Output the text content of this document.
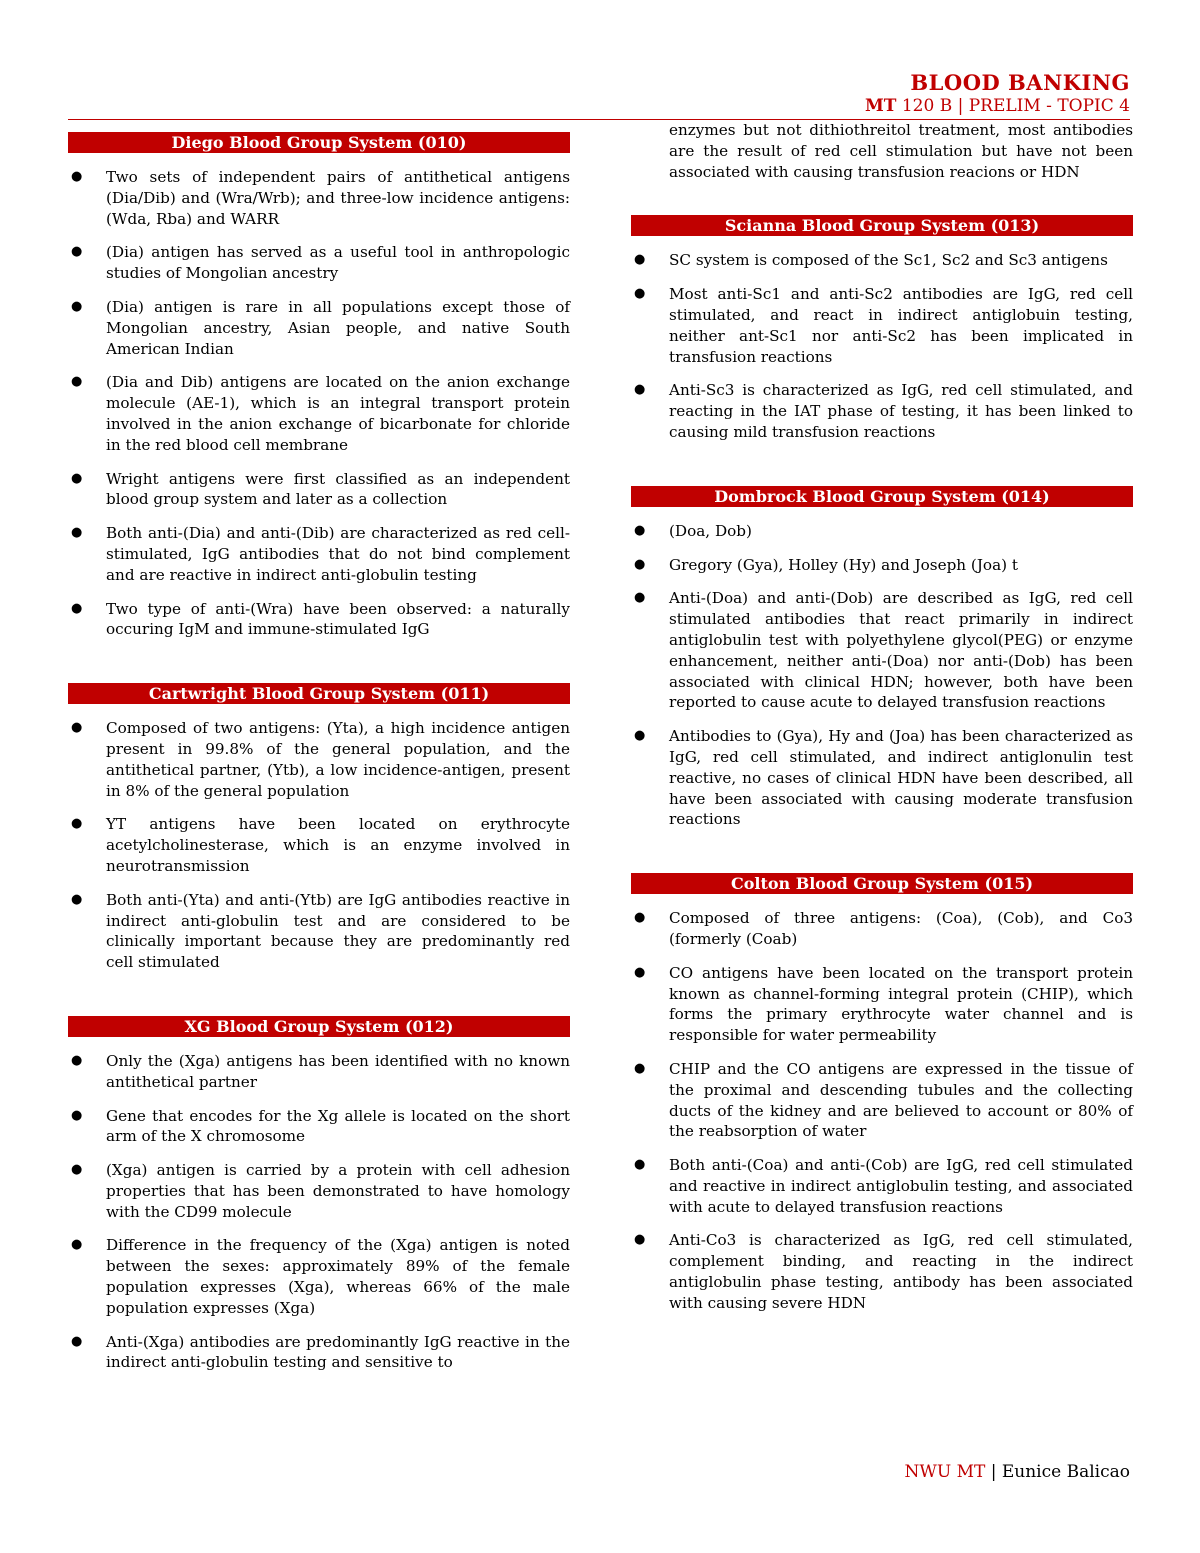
BLOOD BANKING
MT 120 B | PRELIM - TOPIC 4
Diego Blood Group System (010)
● Two sets of independent pairs of antithetical antigens (Dia/Dib) and (Wra/Wrb); and three-low incidence antigens: (Wda, Rba) and WARR
● (Dia) antigen has served as a useful tool in anthropologic studies of Mongolian ancestry
● (Dia) antigen is rare in all populations except those of Mongolian ancestry, Asian people, and native South American Indian
● (Dia and Dib) antigens are located on the anion exchange molecule (AE-1), which is an integral transport protein involved in the anion exchange of bicarbonate for chloride in the red blood cell membrane
● Wright antigens were first classified as an independent blood group system and later as a collection
● Both anti-(Dia) and anti-(Dib) are characterized as red cell-stimulated, IgG antibodies that do not bind complement and are reactive in indirect anti-globulin testing
● Two type of anti-(Wra) have been observed: a naturally occuring IgM and immune-stimulated IgG
Cartwright Blood Group System (011)
● Composed of two antigens: (Yta), a high incidence antigen present in 99.8% of the general population, and the antithetical partner, (Ytb), a low incidence-antigen, present in 8% of the general population
● YT antigens have been located on erythrocyte acetylcholinesterase, which is an enzyme involved in neurotransmission
● Both anti-(Yta) and anti-(Ytb) are IgG antibodies reactive in indirect anti-globulin test and are considered to be clinically important because they are predominantly red cell stimulated
XG Blood Group System (012)
● Only the (Xga) antigens has been identified with no known antithetical partner
● Gene that encodes for the Xg allele is located on the short arm of the X chromosome
● (Xga) antigen is carried by a protein with cell adhesion properties that has been demonstrated to have homology with the CD99 molecule
● Difference in the frequency of the (Xga) antigen is noted between the sexes: approximately 89% of the female population expresses (Xga), whereas 66% of the male population expresses (Xga)
● Anti-(Xga) antibodies are predominantly IgG reactive in the indirect anti-globulin testing and sensitive to

enzymes but not dithiothreitol treatment, most antibodies are the result of red cell stimulation but have not been associated with causing transfusion reacions or HDN

Scianna Blood Group System (013)
● SC system is composed of the Sc1, Sc2 and Sc3 antigens
● Most anti-Sc1 and anti-Sc2 antibodies are IgG, red cell stimulated, and react in indirect antiglobuin testing, neither ant-Sc1 nor anti-Sc2 has been implicated in transfusion reactions
● Anti-Sc3 is characterized as IgG, red cell stimulated, and reacting in the IAT phase of testing, it has been linked to causing mild transfusion reactions
Dombrock Blood Group System (014)
● (Doa, Dob)
● Gregory (Gya), Holley (Hy) and Joseph (Joa) t
● Anti-(Doa) and anti-(Dob) are described as IgG, red cell stimulated antibodies that react primarily in indirect antiglobulin test with polyethylene glycol(PEG) or enzyme enhancement, neither anti-(Doa) nor anti-(Dob) has been associated with clinical HDN; however, both have been reported to cause acute to delayed transfusion reactions
● Antibodies to (Gya), Hy and (Joa) has been characterized as IgG, red cell stimulated, and indirect antiglonulin test reactive, no cases of clinical HDN have been described, all have been associated with causing moderate transfusion reactions
Colton Blood Group System (015)
● Composed of three antigens: (Coa), (Cob), and Co3 (formerly (Coab)
● CO antigens have been located on the transport protein known as channel-forming integral protein (CHIP), which forms the primary erythrocyte water channel and is responsible for water permeability
● CHIP and the CO antigens are expressed in the tissue of the proximal and descending tubules and the collecting ducts of the kidney and are believed to account or 80% of the reabsorption of water
● Both anti-(Coa) and anti-(Cob) are IgG, red cell stimulated and reactive in indirect antiglobulin testing, and associated with acute to delayed transfusion reactions
● Anti-Co3 is characterized as IgG, red cell stimulated, complement binding, and reacting in the indirect antiglobulin phase testing, antibody has been associated with causing severe HDN
NWU MT | Eunice Balicao
